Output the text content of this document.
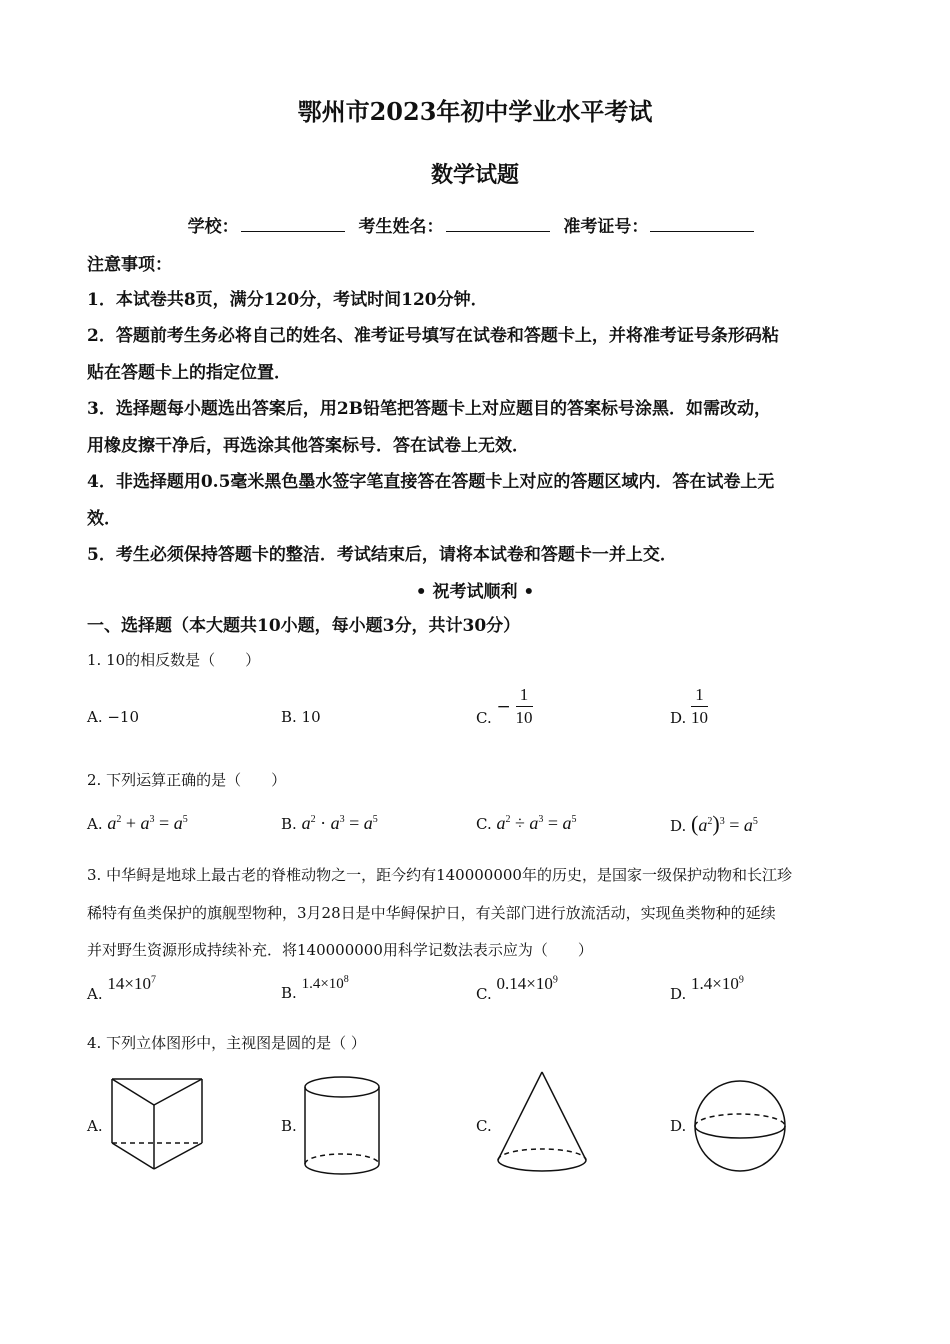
鄂州市2023年初中学业水平考试
数学试题
学校：	考生姓名：	准考证号：
注意事项：
1．本试卷共8页，满分120分，考试时间120分钟．
2．答题前考生务必将自己的姓名、准考证号填写在试卷和答题卡上，并将准考证号条形码粘
贴在答题卡上的指定位置．
3．选择题每小题选出答案后，用2B铅笔把答题卡上对应题目的答案标号涂黑．如需改动，
用橡皮擦干净后，再选涂其他答案标号．答在试卷上无效．
4．非选择题用0.5毫米黑色墨水签字笔直接答在答题卡上对应的答题区域内．答在试卷上无
效．
5．考生必须保持答题卡的整洁．考试结束后，请将本试卷和答题卡一并上交．
• 祝考试顺利 •
一、选择题（本大题共10小题，每小题3分，共计30分）
1. 10的相反数是（　　）
A. −10	B. 10	C. − $\frac{1}{10}$	D. $\frac{1}{10}$
2. 下列运算正确的是（　　）
A. $a^2 + a^3 = a^5$	B. $a^2 \cdot a^3 = a^5$	C. $a^2 \div a^3 = a^5$	D. $(a^2)^3 = a^5$
3. 中华鲟是地球上最古老的脊椎动物之一，距今约有140000000年的历史，是国家一级保护动物和长江珍
稀特有鱼类保护的旗舰型物种，3月28日是中华鲟保护日，有关部门进行放流活动，实现鱼类物种的延续
并对野生资源形成持续补充．将140000000用科学记数法表示应为（　　）
A. $14\times 10^7$
B. $1.4\times 10^8$
C. $0.14\times 10^9$
D. $1.4\times 10^9$
4. 下列立体图形中，主视图是圆的是（ ）
A.	B.	C.	D.
